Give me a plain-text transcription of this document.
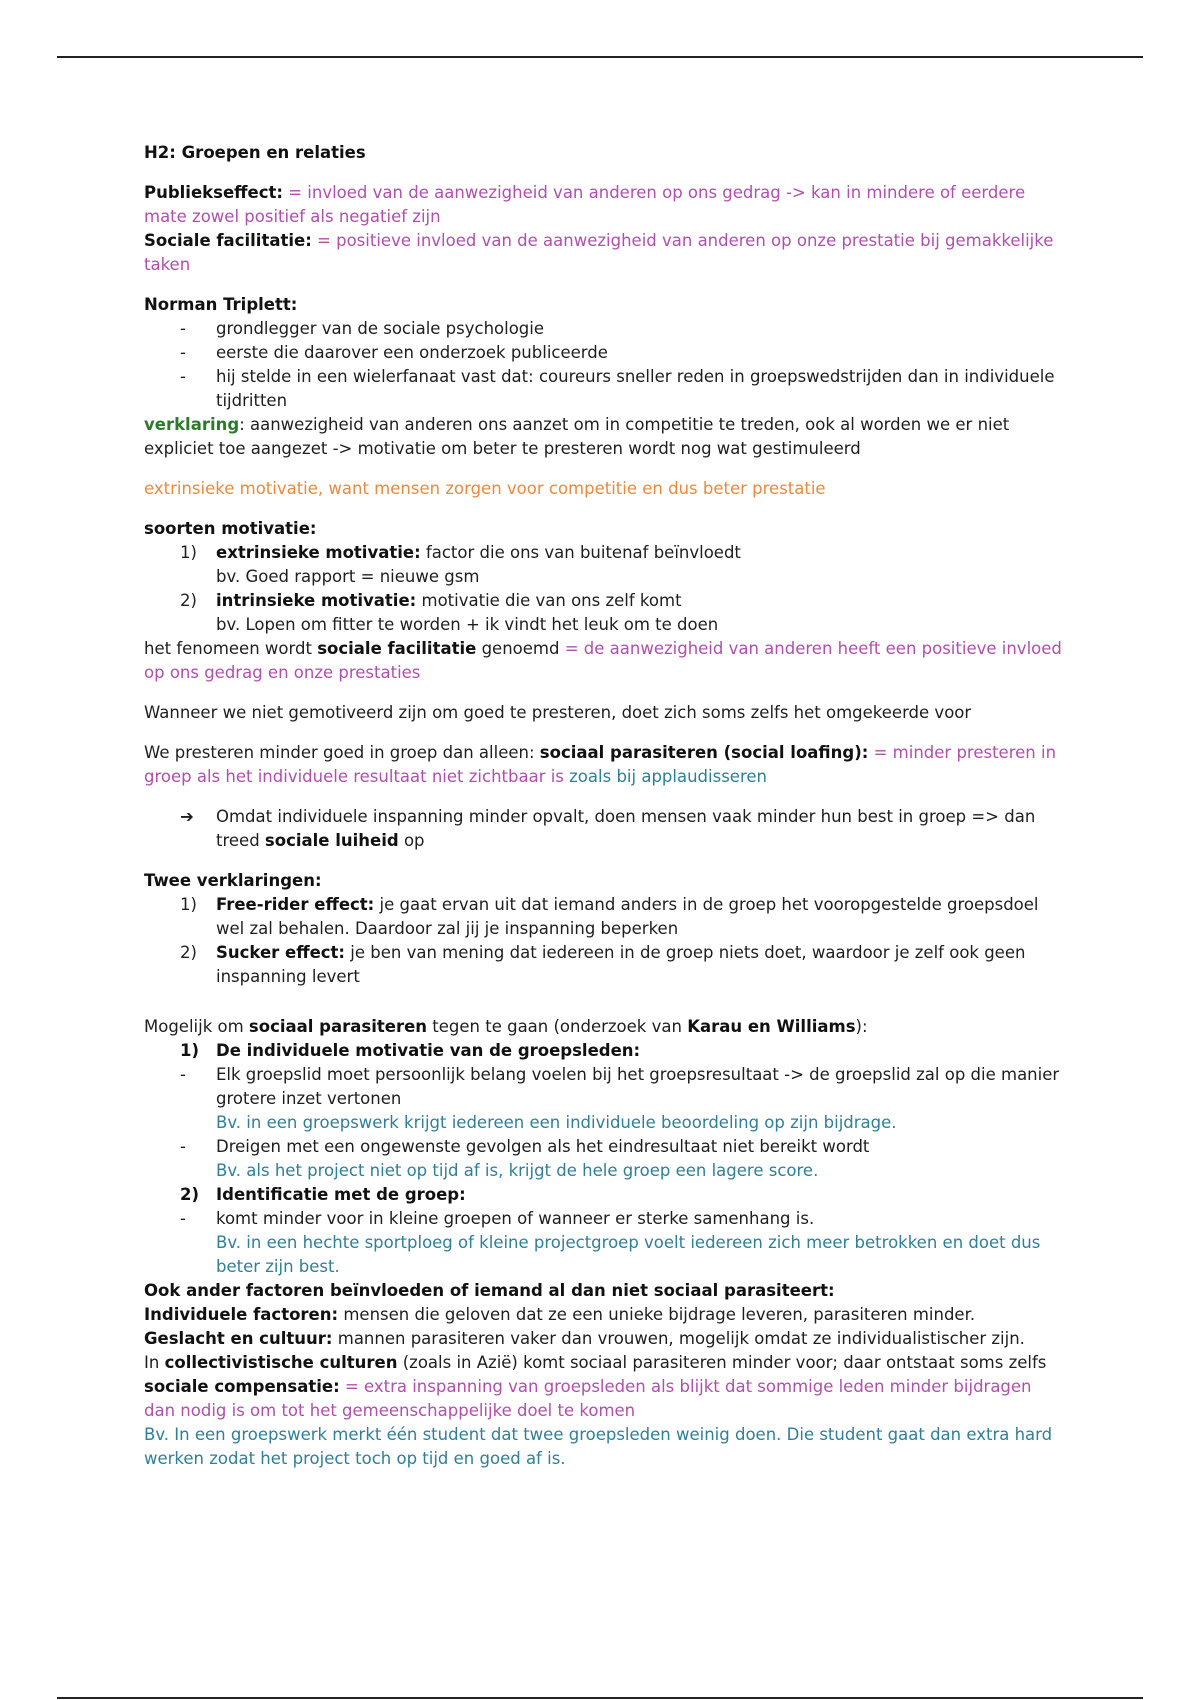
H2: Groepen en relaties

Publiekseffect: = invloed van de aanwezigheid van anderen op ons gedrag -> kan in mindere of eerdere mate zowel positief als negatief zijn

Sociale facilitatie: = positieve invloed van de aanwezigheid van anderen op onze prestatie bij gemakkelijke taken

Norman Triplett:

- grondlegger van de sociale psychologie
- eerste die daarover een onderzoek publiceerde
- hij stelde in een wielerfanaat vast dat: coureurs sneller reden in groepswedstrijden dan in individuele tijdritten

verklaring: aanwezigheid van anderen ons aanzet om in competitie te treden, ook al worden we er niet expliciet toe aangezet -> motivatie om beter te presteren wordt nog wat gestimuleerd

extrinsieke motivatie, want mensen zorgen voor competitie en dus beter prestatie

soorten motivatie:

1) extrinsieke motivatie: factor die ons van buitenaf beïnvloedt
bv. Goed rapport = nieuwe gsm
2) intrinsieke motivatie: motivatie die van ons zelf komt
bv. Lopen om fitter te worden + ik vindt het leuk om te doen

het fenomeen wordt sociale facilitatie genoemd = de aanwezigheid van anderen heeft een positieve invloed op ons gedrag en onze prestaties

Wanneer we niet gemotiveerd zijn om goed te presteren, doet zich soms zelfs het omgekeerde voor

We presteren minder goed in groep dan alleen: sociaal parasiteren (social loafing): = minder presteren in groep als het individuele resultaat niet zichtbaar is zoals bij applaudisseren

➔ Omdat individuele inspanning minder opvalt, doen mensen vaak minder hun best in groep => dan treed sociale luiheid op

Twee verklaringen:

1) Free-rider effect: je gaat ervan uit dat iemand anders in de groep het vooropgestelde groepsdoel wel zal behalen. Daardoor zal jij je inspanning beperken
2) Sucker effect: je ben van mening dat iedereen in de groep niets doet, waardoor je zelf ook geen inspanning levert

Mogelijk om sociaal parasiteren tegen te gaan (onderzoek van Karau en Williams):

1) De individuele motivatie van de groepsleden:
- Elk groepslid moet persoonlijk belang voelen bij het groepsresultaat -> de groepslid zal op die manier grotere inzet vertonen
Bv. in een groepswerk krijgt iedereen een individuele beoordeling op zijn bijdrage.
- Dreigen met een ongewenste gevolgen als het eindresultaat niet bereikt wordt
Bv. als het project niet op tijd af is, krijgt de hele groep een lagere score.
2) Identificatie met de groep:
- komt minder voor in kleine groepen of wanneer er sterke samenhang is.
Bv. in een hechte sportploeg of kleine projectgroep voelt iedereen zich meer betrokken en doet dus beter zijn best.

Ook ander factoren beïnvloeden of iemand al dan niet sociaal parasiteert:

Individuele factoren: mensen die geloven dat ze een unieke bijdrage leveren, parasiteren minder.

Geslacht en cultuur: mannen parasiteren vaker dan vrouwen, mogelijk omdat ze individualistischer zijn.

In collectivistische culturen (zoals in Azië) komt sociaal parasiteren minder voor; daar ontstaat soms zelfs sociale compensatie: = extra inspanning van groepsleden als blijkt dat sommige leden minder bijdragen dan nodig is om tot het gemeenschappelijke doel te komen

Bv. In een groepswerk merkt één student dat twee groepsleden weinig doen. Die student gaat dan extra hard werken zodat het project toch op tijd en goed af is.
